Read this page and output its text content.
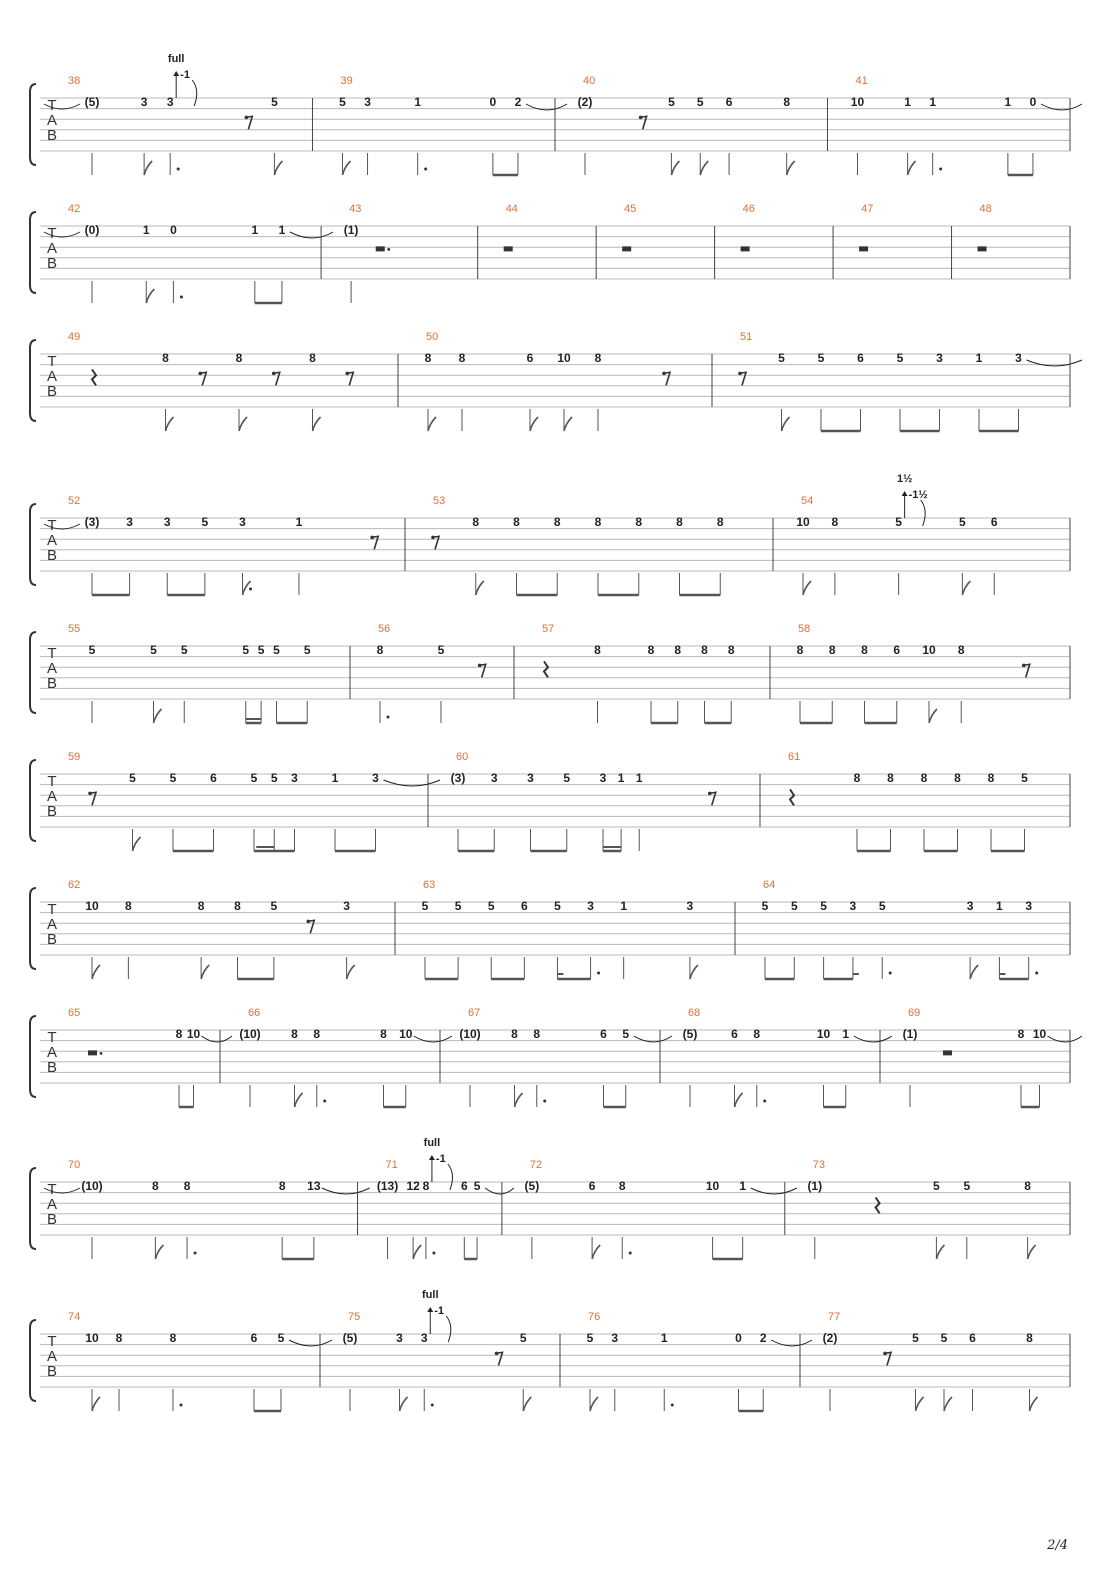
T
A
B
38
(5)	3 3
full
-1
5
39
5 3	1	0 2
40
(2)	5 5 6	8
41
10	1 1	1 0
T
A
B
42
(0)	1 0	1 1
43
(1)
44	45	46	47	48
T
A
B
49
8	8	8
50
8 8	6 10 8
51
5	5	6	5	3	1	3
T
A
B
52
(3) 3	3	5	3	1
53
8	8	8	8	8	8	8
54
10 8	5
1½
-1½
5 6
T
A
B
55
5	5 5	5 5 5 5
56
8	5
57
8	8 8 8 8
58
8 8 8 6 10 8
T
A
B
59
5	5	6	5 5 3	1	3
60
(3) 3 3 5 3 1 1
61
8 8 8 8 8 5
T
A
B
62
10 8	8 8 5	3
63
5 5 5 6 5 3 1	3
64
5 5 5 3 5	3 1 3
T
A
B
65
8 10
66
(10)	8 8	8 10
67
(10)	8 8	6 5
68
(5)	6 8	10 1
69
(1)	8 10
T
A
B
70
(10)	8 8	8 13
71
(13) 12 8
full
-1
6 5
72
(5)	6 8	10 1
73
(1)	5 5	8
T
A
B
74
10 8	8	6 5
75
(5)	3 3
full
-1
5
76
5 3	1	0 2
77
(2)	5 5 6	8
2/4
